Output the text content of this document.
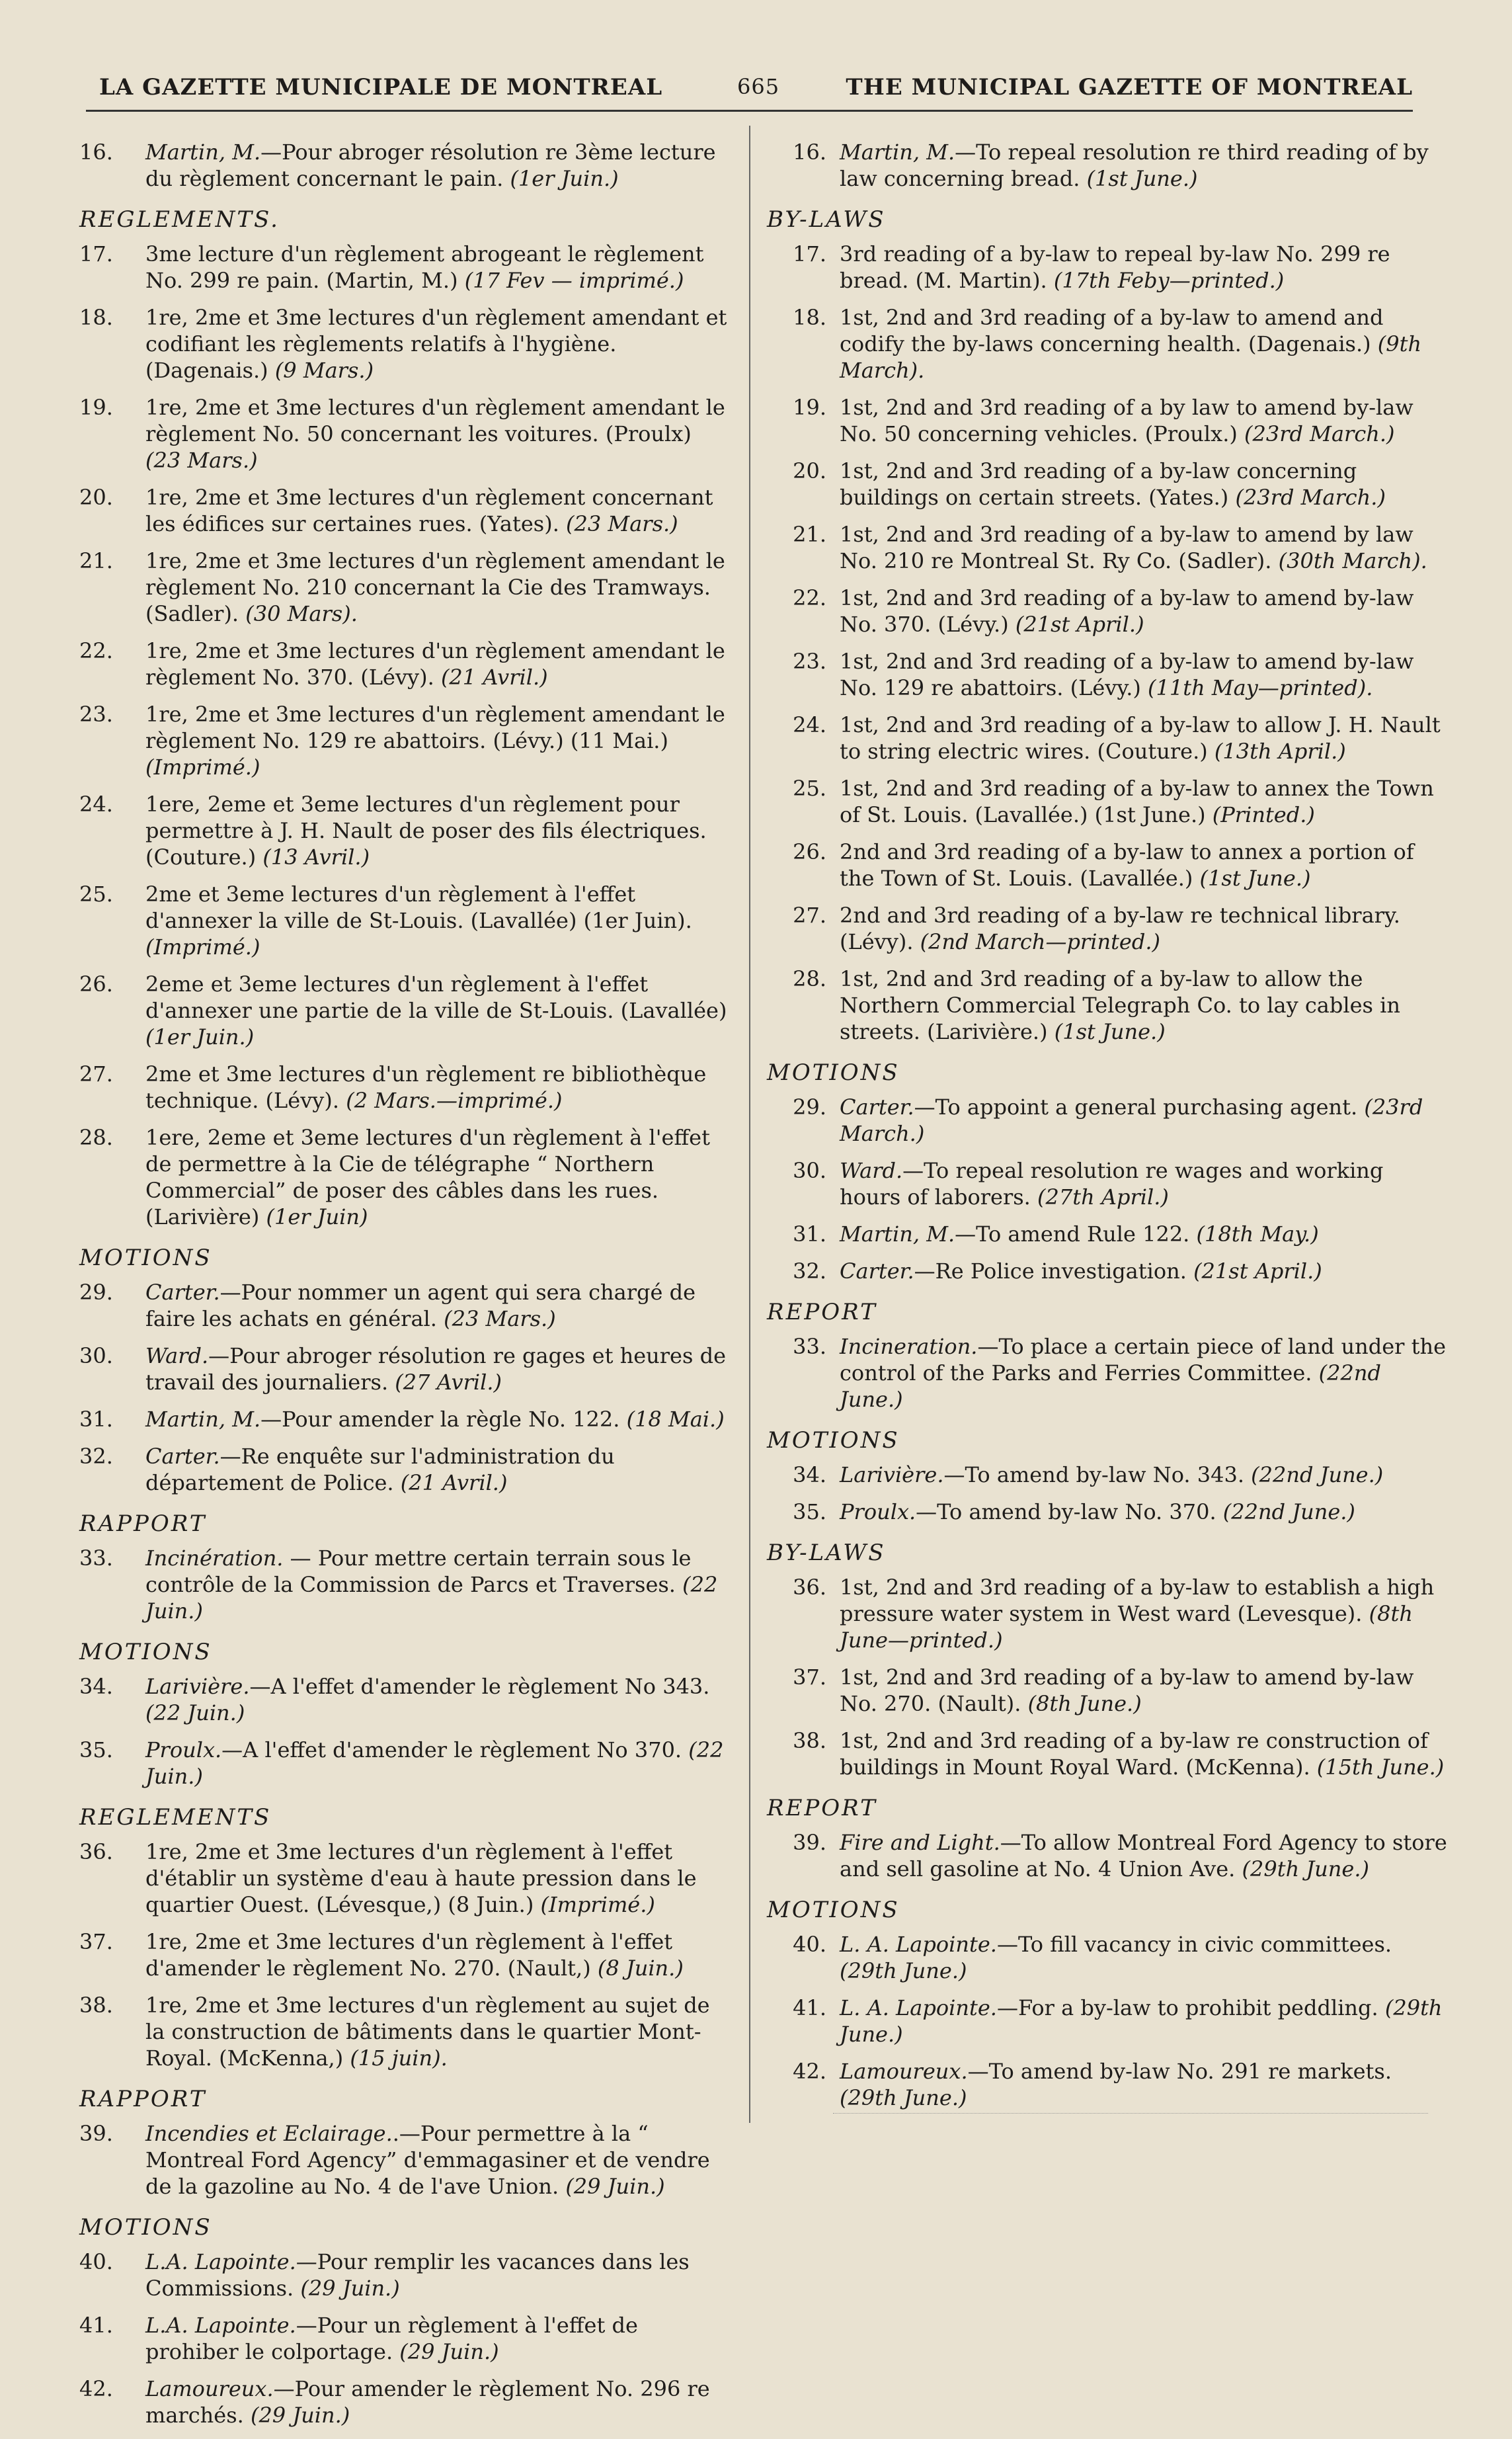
LA GAZETTE MUNICIPALE DE MONTREAL	665	THE MUNICIPAL GAZETTE OF MONTREAL
16.	Martin, M.—Pour abroger résolution re 3ème lecture du règlement concernant le pain. (1er Juin.)
REGLEMENTS.
17.	3me lecture d'un règlement abrogeant le règlement No. 299 re pain. (Martin, M.) (17 Fev — imprimé.)
18.	1re, 2me et 3me lectures d'un règlement amendant et codifiant les règlements relatifs à l'hygiène. (Dagenais.) (9 Mars.)
19.	1re, 2me et 3me lectures d'un règlement amendant le règlement No. 50 concernant les voitures. (Proulx) (23 Mars.)
20.	1re, 2me et 3me lectures d'un règlement concernant les édifices sur certaines rues. (Yates). (23 Mars.)
21.	1re, 2me et 3me lectures d'un règlement amendant le règlement No. 210 concernant la Cie des Tramways. (Sadler). (30 Mars).
22.	1re, 2me et 3me lectures d'un règlement amendant le règlement No. 370. (Lévy). (21 Avril.)
23.	1re, 2me et 3me lectures d'un règlement amendant le règlement No. 129 re abattoirs. (Lévy.) (11 Mai.) (Imprimé.)
24.	1ere, 2eme et 3eme lectures d'un règlement pour permettre à J. H. Nault de poser des fils électriques. (Couture.) (13 Avril.)
25.	2me et 3eme lectures d'un règlement à l'effet d'annexer la ville de St-Louis. (Lavallée) (1er Juin). (Imprimé.)
26.	2eme et 3eme lectures d'un règlement à l'effet d'annexer une partie de la ville de St-Louis. (Lavallée) (1er Juin.)
27.	2me et 3me lectures d'un règlement re bibliothèque technique. (Lévy). (2 Mars.—imprimé.)
28.	1ere, 2eme et 3eme lectures d'un règlement à l'effet de permettre à la Cie de télégraphe “ Northern Commercial” de poser des câbles dans les rues. (Larivière) (1er Juin)
MOTIONS
29.	Carter.—Pour nommer un agent qui sera chargé de faire les achats en général. (23 Mars.)
30.	Ward.—Pour abroger résolution re gages et heures de travail des journaliers. (27 Avril.)
31.	Martin, M.—Pour amender la règle No. 122. (18 Mai.)
32.	Carter.—Re enquête sur l'administration du département de Police. (21 Avril.)
RAPPORT
33.	Incinération. — Pour mettre certain terrain sous le contrôle de la Commission de Parcs et Traverses. (22 Juin.)
MOTIONS
34.	Larivière.—A l'effet d'amender le règlement No 343. (22 Juin.)
35.	Proulx.—A l'effet d'amender le règlement No 370. (22 Juin.)
REGLEMENTS
36.	1re, 2me et 3me lectures d'un règlement à l'effet d'établir un système d'eau à haute pression dans le quartier Ouest. (Lévesque,) (8 Juin.) (Imprimé.)
37.	1re, 2me et 3me lectures d'un règlement à l'effet d'amender le règlement No. 270. (Nault,) (8 Juin.)
38.	1re, 2me et 3me lectures d'un règlement au sujet de la construction de bâtiments dans le quartier Mont-Royal. (McKenna,) (15 juin).
RAPPORT
39.	Incendies et Eclairage..—Pour permettre à la “ Montreal Ford Agency” d'emmagasiner et de vendre de la gazoline au No. 4 de l'ave Union. (29 Juin.)
MOTIONS
40.	L.A. Lapointe.—Pour remplir les vacances dans les Commissions. (29 Juin.)
41.	L.A. Lapointe.—Pour un règlement à l'effet de prohiber le colportage. (29 Juin.)
42.	Lamoureux.—Pour amender le règlement No. 296 re marchés. (29 Juin.)
16. Martin, M.—To repeal resolution re third reading of by law concerning bread. (1st June.)
BY-LAWS
17. 3rd reading of a by-law to repeal by-law No. 299 re bread. (M. Martin). (17th Feby—printed.)
18. 1st, 2nd and 3rd reading of a by-law to amend and codify the by-laws concerning health. (Dagenais.) (9th March).
19. 1st, 2nd and 3rd reading of a by law to amend by-law No. 50 concerning vehicles. (Proulx.) (23rd March.)
20. 1st, 2nd and 3rd reading of a by-law concerning buildings on certain streets. (Yates.) (23rd March.)
21. 1st, 2nd and 3rd reading of a by-law to amend by law No. 210 re Montreal St. Ry Co. (Sadler). (30th March).
22. 1st, 2nd and 3rd reading of a by-law to amend by-law No. 370. (Lévy.) (21st April.)
23. 1st, 2nd and 3rd reading of a by-law to amend by-law No. 129 re abattoirs. (Lévy.) (11th May—printed).
24. 1st, 2nd and 3rd reading of a by-law to allow J. H. Nault to string electric wires. (Couture.) (13th April.)
25. 1st, 2nd and 3rd reading of a by-law to annex the Town of St. Louis. (Lavallée.) (1st June.) (Printed.)
26. 2nd and 3rd reading of a by-law to annex a portion of the Town of St. Louis. (Lavallée.) (1st June.)
27. 2nd and 3rd reading of a by-law re technical library. (Lévy). (2nd March—printed.)
28. 1st, 2nd and 3rd reading of a by-law to allow the Northern Commercial Telegraph Co. to lay cables in streets. (Larivière.) (1st June.)
MOTIONS
29. Carter.—To appoint a general purchasing agent. (23rd March.)
30. Ward.—To repeal resolution re wages and working hours of laborers. (27th April.)
31. Martin, M.—To amend Rule 122. (18th May.)
32. Carter.—Re Police investigation. (21st April.)
REPORT
33. Incineration.—To place a certain piece of land under the control of the Parks and Ferries Committee. (22nd June.)
MOTIONS
34. Larivière.—To amend by-law No. 343. (22nd June.)
35. Proulx.—To amend by-law No. 370. (22nd June.)
BY-LAWS
36. 1st, 2nd and 3rd reading of a by-law to establish a high pressure water system in West ward (Levesque). (8th June—printed.)
37. 1st, 2nd and 3rd reading of a by-law to amend by-law No. 270. (Nault). (8th June.)
38. 1st, 2nd and 3rd reading of a by-law re construction of buildings in Mount Royal Ward. (McKenna). (15th June.)
REPORT
39. Fire and Light.—To allow Montreal Ford Agency to store and sell gasoline at No. 4 Union Ave. (29th June.)
MOTIONS
40. L. A. Lapointe.—To fill vacancy in civic committees. (29th June.)
41. L. A. Lapointe.—For a by-law to prohibit peddling. (29th June.)
42. Lamoureux.—To amend by-law No. 291 re markets. (29th June.)
